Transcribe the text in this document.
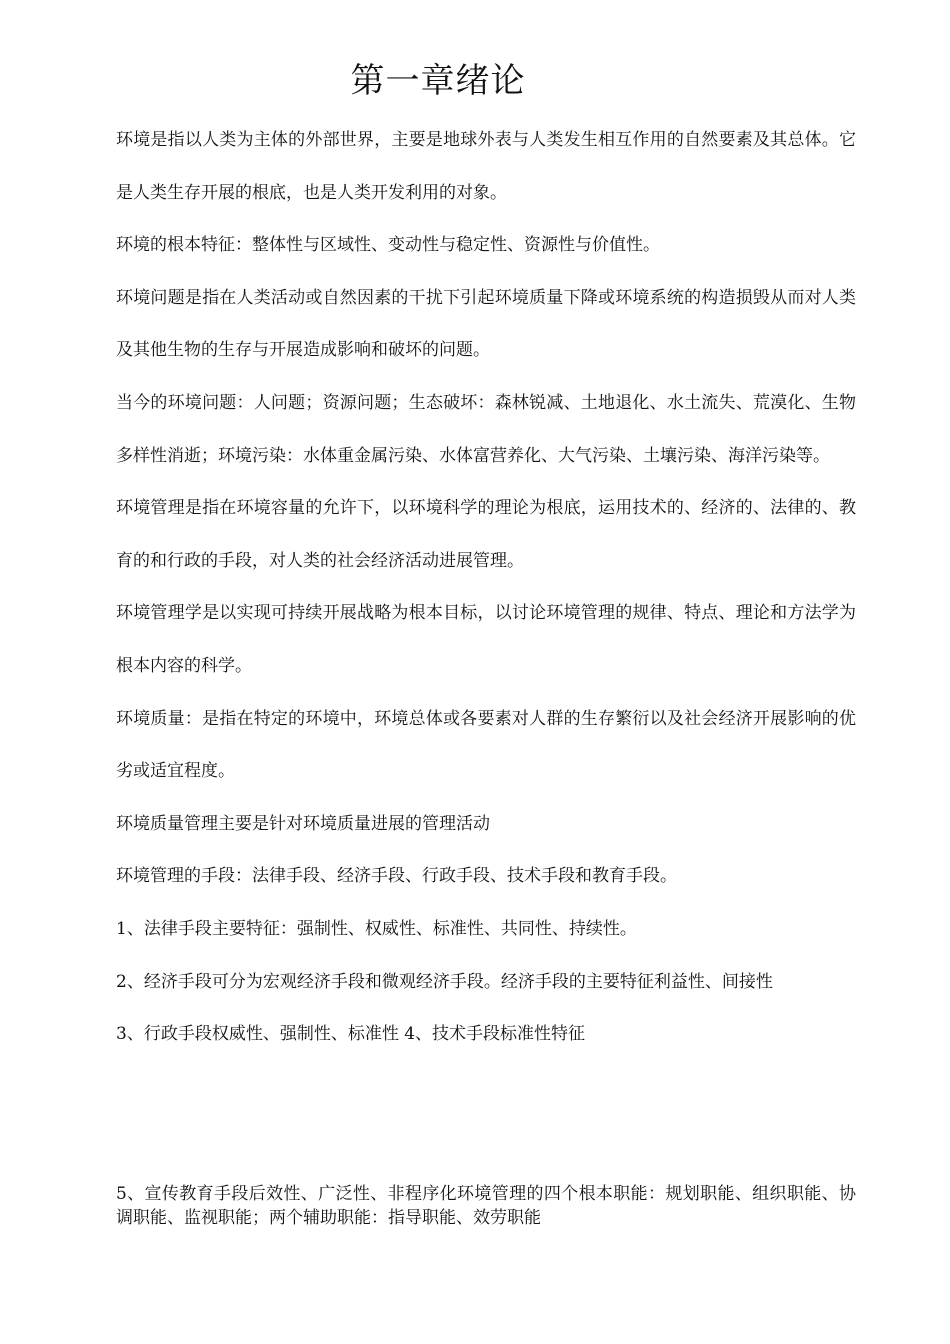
第一章绪论

环境是指以人类为主体的外部世界，主要是地球外表与人类发生相互作用的自然要素及其总体。它是人类生存开展的根底，也是人类开发利用的对象。

环境的根本特征：整体性与区域性、变动性与稳定性、资源性与价值性。

环境问题是指在人类活动或自然因素的干扰下引起环境质量下降或环境系统的构造损毁从而对人类及其他生物的生存与开展造成影响和破坏的问题。

当今的环境问题：人问题；资源问题；生态破坏：森林锐减、土地退化、水土流失、荒漠化、生物多样性消逝；环境污染：水体重金属污染、水体富营养化、大气污染、土壤污染、海洋污染等。

环境管理是指在环境容量的允许下，以环境科学的理论为根底，运用技术的、经济的、法律的、教育的和行政的手段，对人类的社会经济活动进展管理。

环境管理学是以实现可持续开展战略为根本目标，以讨论环境管理的规律、特点、理论和方法学为根本内容的科学。

环境质量：是指在特定的环境中，环境总体或各要素对人群的生存繁衍以及社会经济开展影响的优劣或适宜程度。

环境质量管理主要是针对环境质量进展的管理活动

环境管理的手段：法律手段、经济手段、行政手段、技术手段和教育手段。

1、法律手段主要特征：强制性、权威性、标准性、共同性、持续性。

2、经济手段可分为宏观经济手段和微观经济手段。经济手段的主要特征利益性、间接性

3、行政手段权威性、强制性、标准性 4、技术手段标准性特征

5、宣传教育手段后效性、广泛性、非程序化环境管理的四个根本职能：规划职能、组织职能、协调职能、监视职能；两个辅助职能：指导职能、效劳职能
